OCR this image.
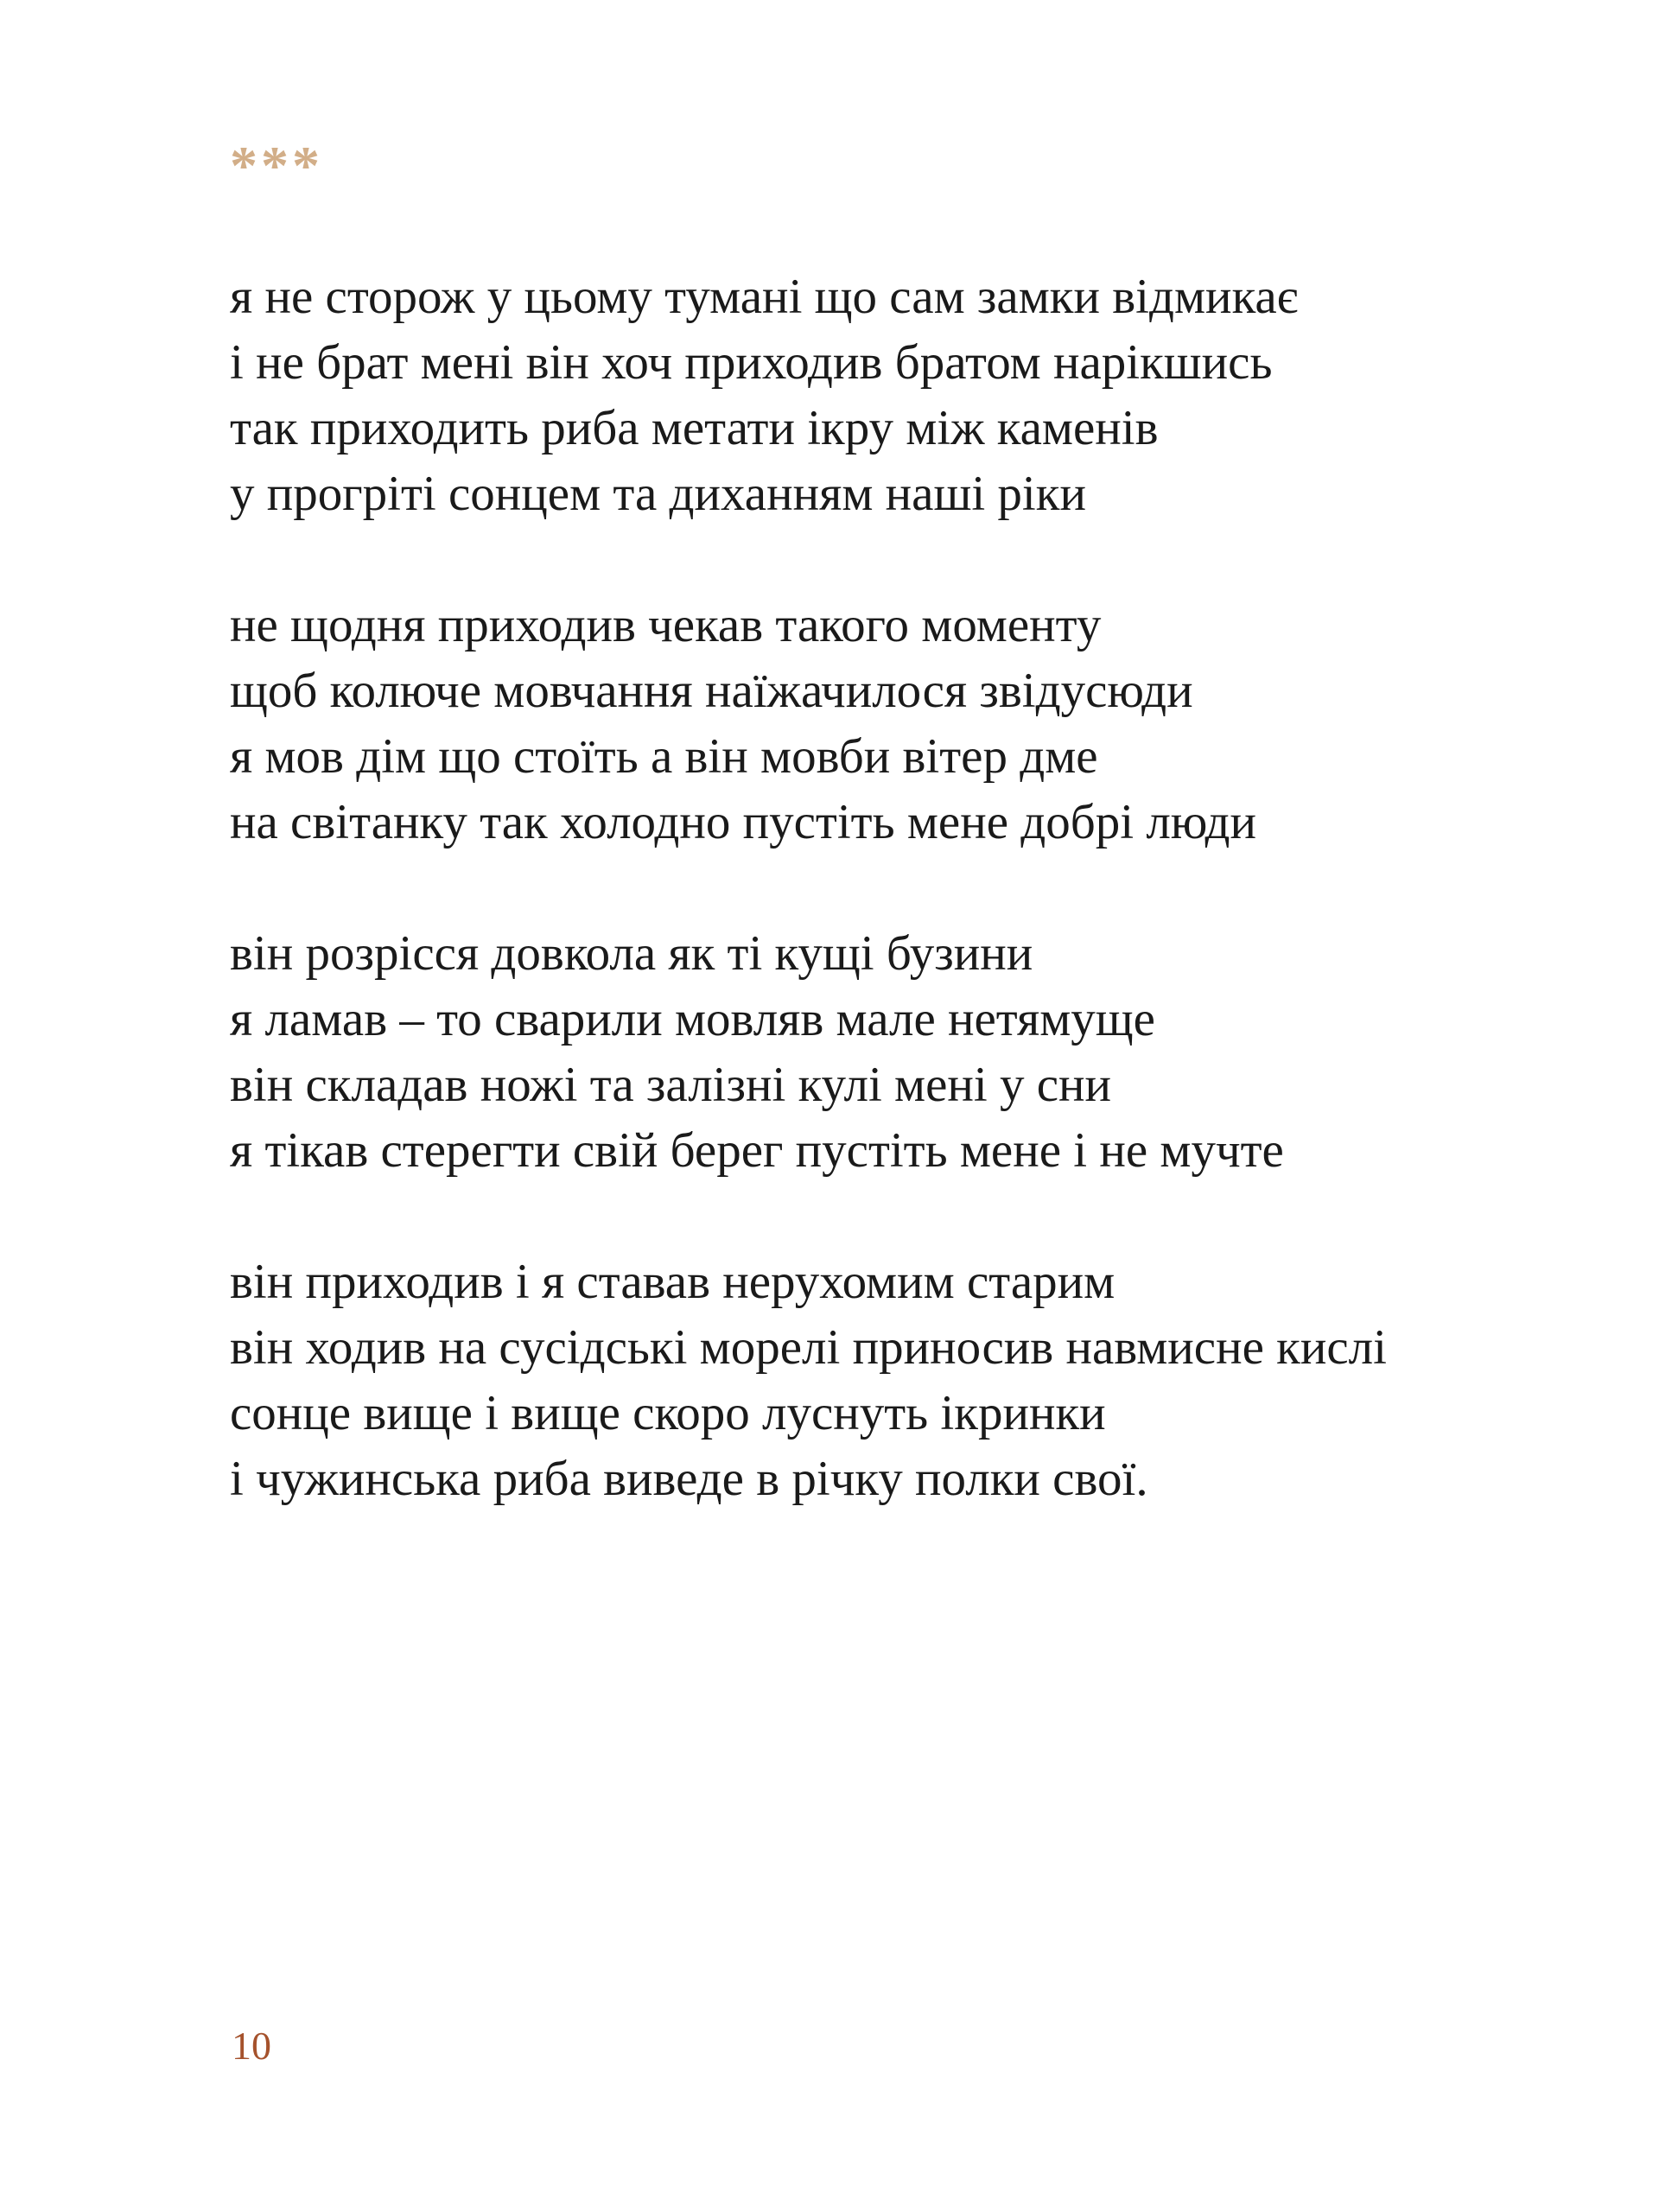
***
я не сторож у цьому тумані що сам замки відмикає
і не брат мені він хоч приходив братом нарікшись
так приходить риба метати ікру між каменів
у прогріті сонцем та диханням наші ріки
не щодня приходив чекав такого моменту
щоб колюче мовчання наїжачилося звідусюди
я мов дім що стоїть а він мовби вітер дме
на світанку так холодно пустіть мене добрі люди
він розрісся довкола як ті кущі бузини
я ламав – то сварили мовляв мале нетямуще
він складав ножі та залізні кулі мені у сни
я тікав стерегти свій берег пустіть мене і не мучте
він приходив і я ставав нерухомим старим
він ходив на сусідські морелі приносив навмисне кислі
сонце вище і вище скоро луснуть ікринки
і чужинська риба виведе в річку полки свої.
10
